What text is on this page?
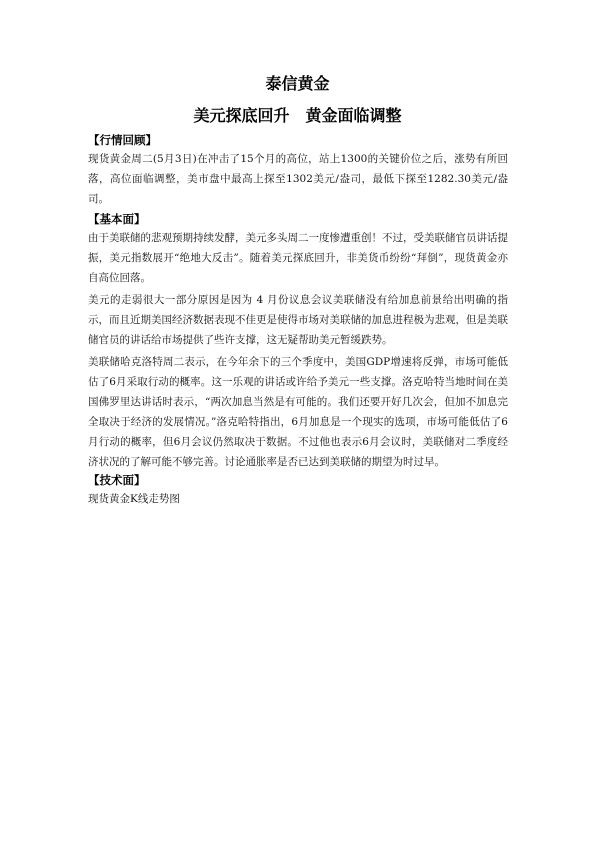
泰信黄金
美元探底回升　黄金面临调整

【行情回顾】

现货黄金周二(5月3日)在冲击了15个月的高位，站上1300的关键价位之后，涨势有所回落，高位面临调整，美市盘中最高上探至1302美元/盎司，最低下探至1282.30美元/盎司。

【基本面】

由于美联储的悲观预期持续发酵，美元多头周二一度惨遭重创！不过，受美联储官员讲话提振，美元指数展开“绝地大反击”。随着美元探底回升，非美货币纷纷“拜倒”，现货黄金亦自高位回落。

美元的走弱很大一部分原因是因为 4 月份议息会议美联储没有给加息前景给出明确的指示，而且近期美国经济数据表现不佳更是使得市场对美联储的加息进程极为悲观，但是美联储官员的讲话给市场提供了些许支撑，这无疑帮助美元暂缓跌势。

美联储哈克洛特周二表示，在今年余下的三个季度中，美国GDP增速将反弹，市场可能低估了6月采取行动的概率。这一乐观的讲话或许给予美元一些支撑。洛克哈特当地时间在美国佛罗里达讲话时表示，“两次加息当然是有可能的。我们还要开好几次会，但加不加息完全取决于经济的发展情况。”洛克哈特指出，6月加息是一个现实的选项，市场可能低估了6月行动的概率，但6月会议仍然取决于数据。不过他也表示6月会议时，美联储对二季度经济状况的了解可能不够完善。讨论通胀率是否已达到美联储的期望为时过早。

【技术面】

现货黄金K线走势图
